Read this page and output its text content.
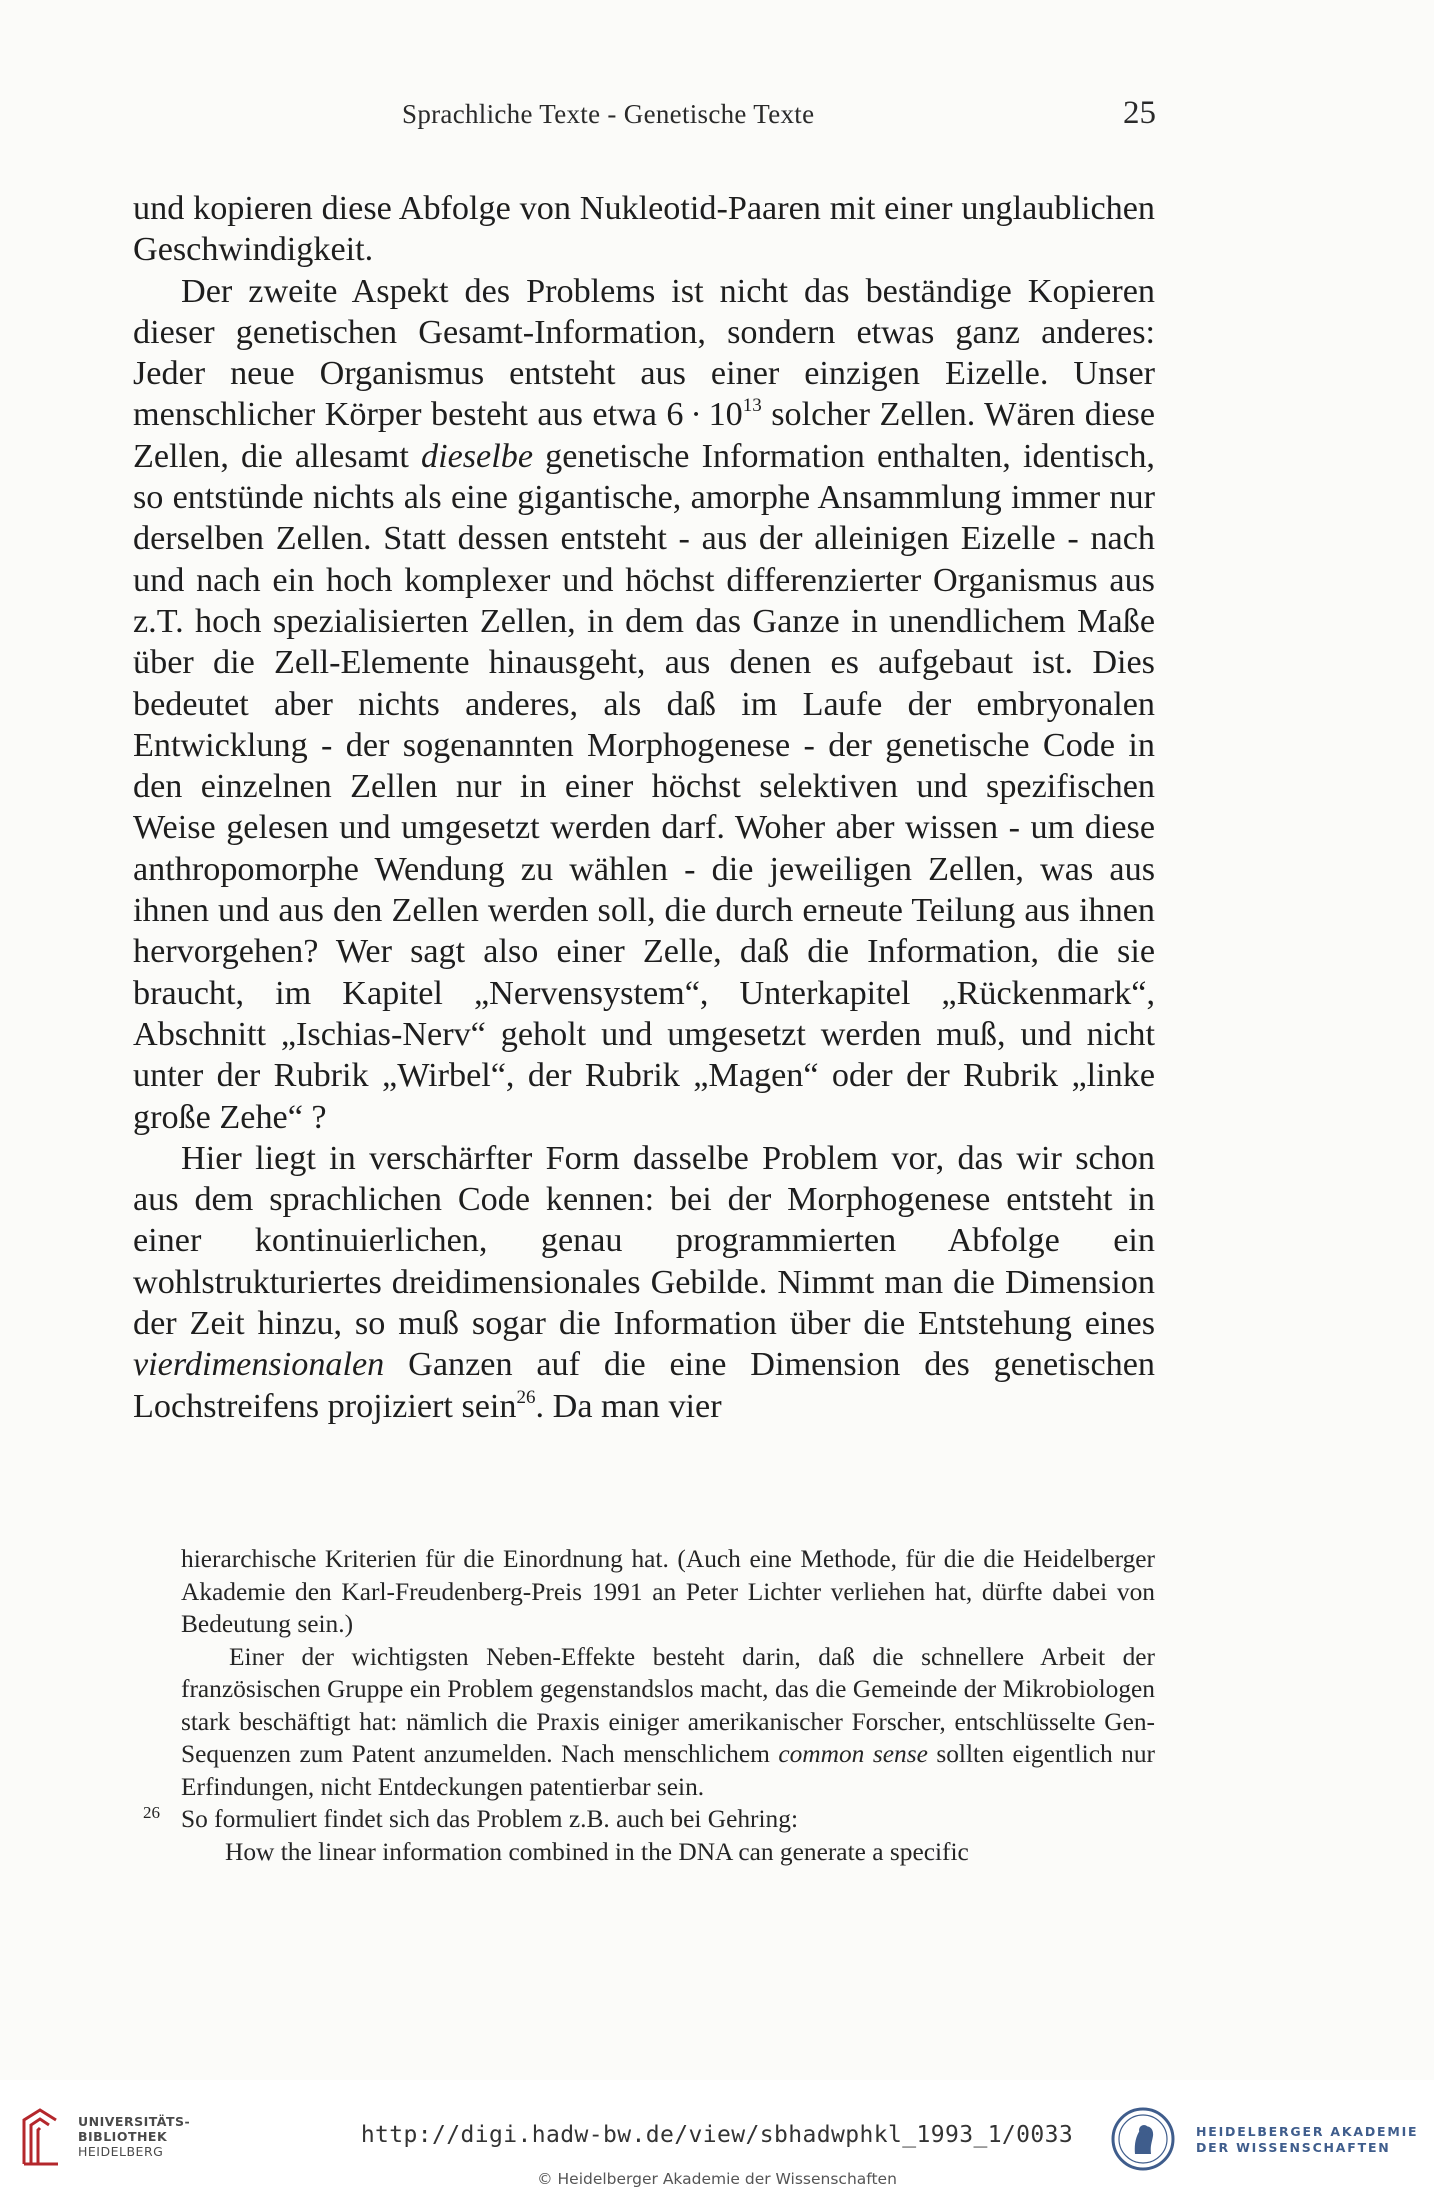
Sprachliche Texte - Genetische Texte	25

und kopieren diese Abfolge von Nukleotid-Paaren mit einer unglaublichen Geschwindigkeit.

Der zweite Aspekt des Problems ist nicht das beständige Kopieren dieser genetischen Gesamt-Information, sondern etwas ganz anderes: Jeder neue Organismus entsteht aus einer einzigen Eizelle. Unser menschlicher Körper besteht aus etwa $6 \cdot 10^{13}$ solcher Zellen. Wären diese Zellen, die allesamt dieselbe genetische Information enthalten, identisch, so entstünde nichts als eine gigantische, amorphe Ansammlung immer nur derselben Zellen. Statt dessen entsteht - aus der alleinigen Eizelle - nach und nach ein hoch komplexer und höchst differenzierter Organismus aus z.T. hoch spezialisierten Zellen, in dem das Ganze in unendlichem Maße über die Zell-Elemente hinausgeht, aus denen es aufgebaut ist. Dies bedeutet aber nichts anderes, als daß im Laufe der embryonalen Entwicklung - der sogenannten Morphogenese - der genetische Code in den einzelnen Zellen nur in einer höchst selektiven und spezifischen Weise gelesen und umgesetzt werden darf. Woher aber wissen - um diese anthropomorphe Wendung zu wählen - die jeweiligen Zellen, was aus ihnen und aus den Zellen werden soll, die durch erneute Teilung aus ihnen hervorgehen? Wer sagt also einer Zelle, daß die Information, die sie braucht, im Kapitel „Nervensystem“, Unterkapitel „Rückenmark“, Abschnitt „Ischias-Nerv“ geholt und umgesetzt werden muß, und nicht unter der Rubrik „Wirbel“, der Rubrik „Magen“ oder der Rubrik „linke große Zehe“ ?

Hier liegt in verschärfter Form dasselbe Problem vor, das wir schon aus dem sprachlichen Code kennen: bei der Morphogenese entsteht in einer kontinuierlichen, genau programmierten Abfolge ein wohlstrukturiertes dreidimensionales Gebilde. Nimmt man die Dimension der Zeit hinzu, so muß sogar die Information über die Entstehung eines vierdimensionalen Ganzen auf die eine Dimension des genetischen Lochstreifens projiziert sein$^{26}$. Da man vier

hierarchische Kriterien für die Einordnung hat. (Auch eine Methode, für die die Heidelberger Akademie den Karl-Freudenberg-Preis 1991 an Peter Lichter verliehen hat, dürfte dabei von Bedeutung sein.)

Einer der wichtigsten Neben-Effekte besteht darin, daß die schnellere Arbeit der französischen Gruppe ein Problem gegenstandslos macht, das die Gemeinde der Mikrobiologen stark beschäftigt hat: nämlich die Praxis einiger amerikanischer Forscher, entschlüsselte Gen-Sequenzen zum Patent anzumelden. Nach menschlichem common sense sollten eigentlich nur Erfindungen, nicht Entdeckungen patentierbar sein.

26 So formuliert findet sich das Problem z.B. auch bei Gehring:

How the linear information combined in the DNA can generate a specific

UNIVERSITÄTS-
BIBLIOTHEK
HEIDELBERG
http://digi.hadw-bw.de/view/sbhadwphkl_1993_1/0033
© Heidelberger Akademie der Wissenschaften
HEIDELBERGER AKADEMIE
DER WISSENSCHAFTEN
